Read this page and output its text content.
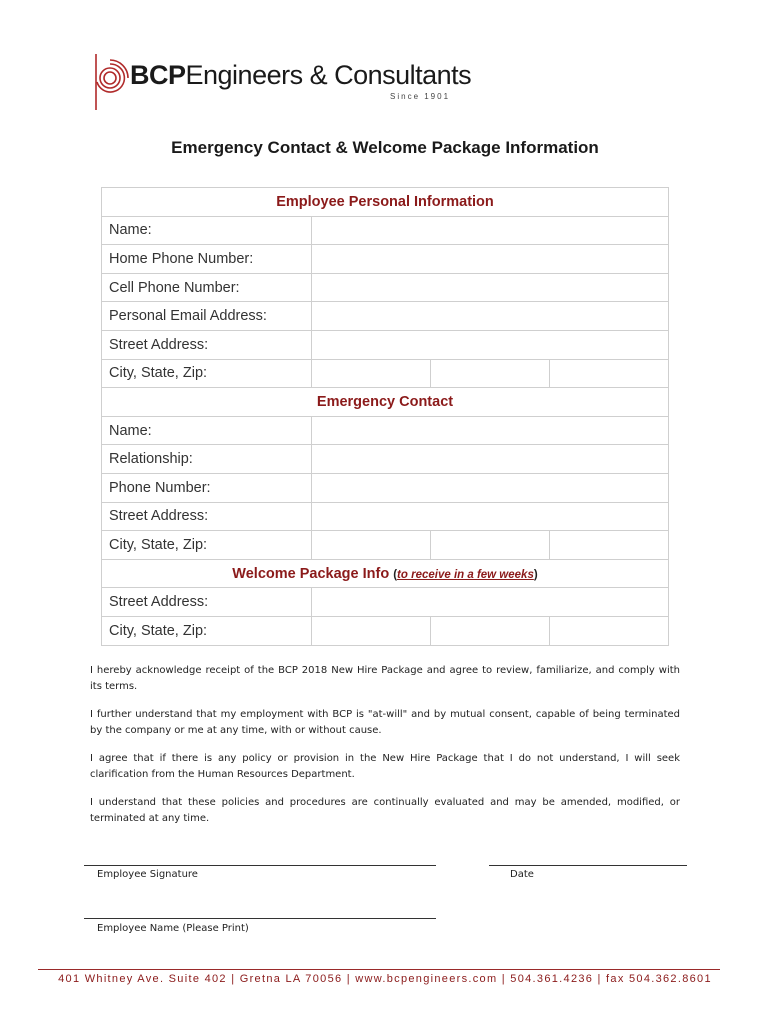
BCPEngineers & Consultants
Since 1901
Emergency Contact & Welcome Package Information
Employee Personal Information			
Name:			
Home Phone Number:			
Cell Phone Number:			
Personal Email Address:			
Street Address:			
City, State, Zip:			
Emergency Contact			
Name:			
Relationship:			
Phone Number:			
Street Address:			
City, State, Zip:			
Welcome Package Info (to receive in a few weeks)			
Street Address:			
City, State, Zip:			
I hereby acknowledge receipt of the BCP 2018 New Hire Package and agree to review, familiarize, and comply with its terms.
I further understand that my employment with BCP is "at-will" and by mutual consent, capable of being terminated by the company or me at any time, with or without cause.
I agree that if there is any policy or provision in the New Hire Package that I do not understand, I will seek clarification from the Human Resources Department.
I understand that these policies and procedures are continually evaluated and may be amended, modified, or terminated at any time.
Employee Signature	Date
Employee Name (Please Print)
401 Whitney Ave. Suite 402 | Gretna LA 70056 | www.bcpengineers.com | 504.361.4236 | fax 504.362.8601
